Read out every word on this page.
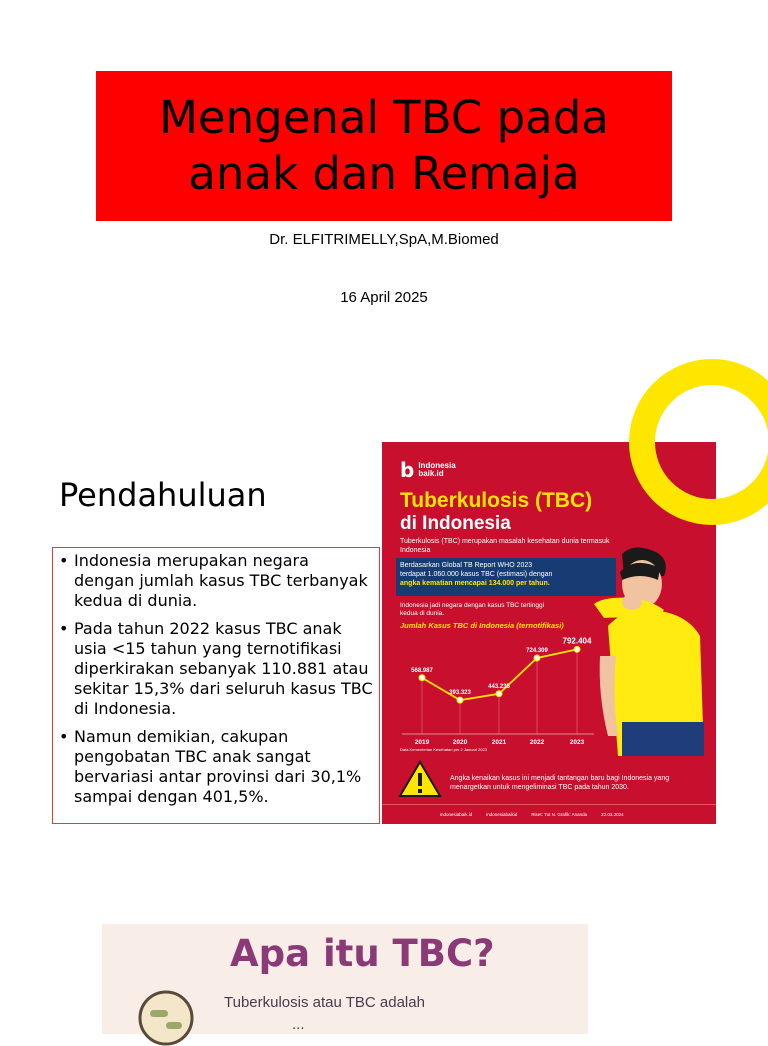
Mengenal TBC pada anak dan Remaja
Dr. ELFITRIMELLY,SpA,M.Biomed
16 April 2025
Pendahuluan
• Indonesia merupakan negara dengan jumlah kasus TBC terbanyak kedua di dunia.
• Pada tahun 2022 kasus TBC anak usia <15 tahun yang ternotifikasi diperkirakan sebanyak 110.881 atau sekitar 15,3% dari seluruh kasus TBC di Indonesia.
• Namun demikian, cakupan pengobatan TBC anak sangat bervariasi antar provinsi dari 30,1% sampai dengan 401,5%.
b Indonesia
baik.id
Tuberkulosis (TBC)
di Indonesia
Tuberkulosis (TBC) merupakan masalah kesehatan dunia termasuk Indonesia
Berdasarkan Global TB Report WHO 2023
terdapat 1.060.000 kasus TBC (estimasi) dengan
angka kematian mencapai 134.000 per tahun.
Indonesia jadi negara dengan kasus TBC tertinggi kedua di dunia.
Jumlah Kasus TBC di Indonesia (ternotifikasi)
568.987
2019
393.323
2020
443.235
2021
724.309
2022
792.404
2023
Data Kementerian Kesehatan per 2 Januari 2023
Angka kenaikan kasus ini menjadi tantangan baru bagi Indonesia yang menargetkan untuk mengeliminasi TBC pada tahun 2030.
indonesiabaik.id	indonesiabaikid	Riset: Tut N. Grafik: Ananda	22.03.2024
Apa itu TBC?
Tuberkulosis atau TBC adalah
...
